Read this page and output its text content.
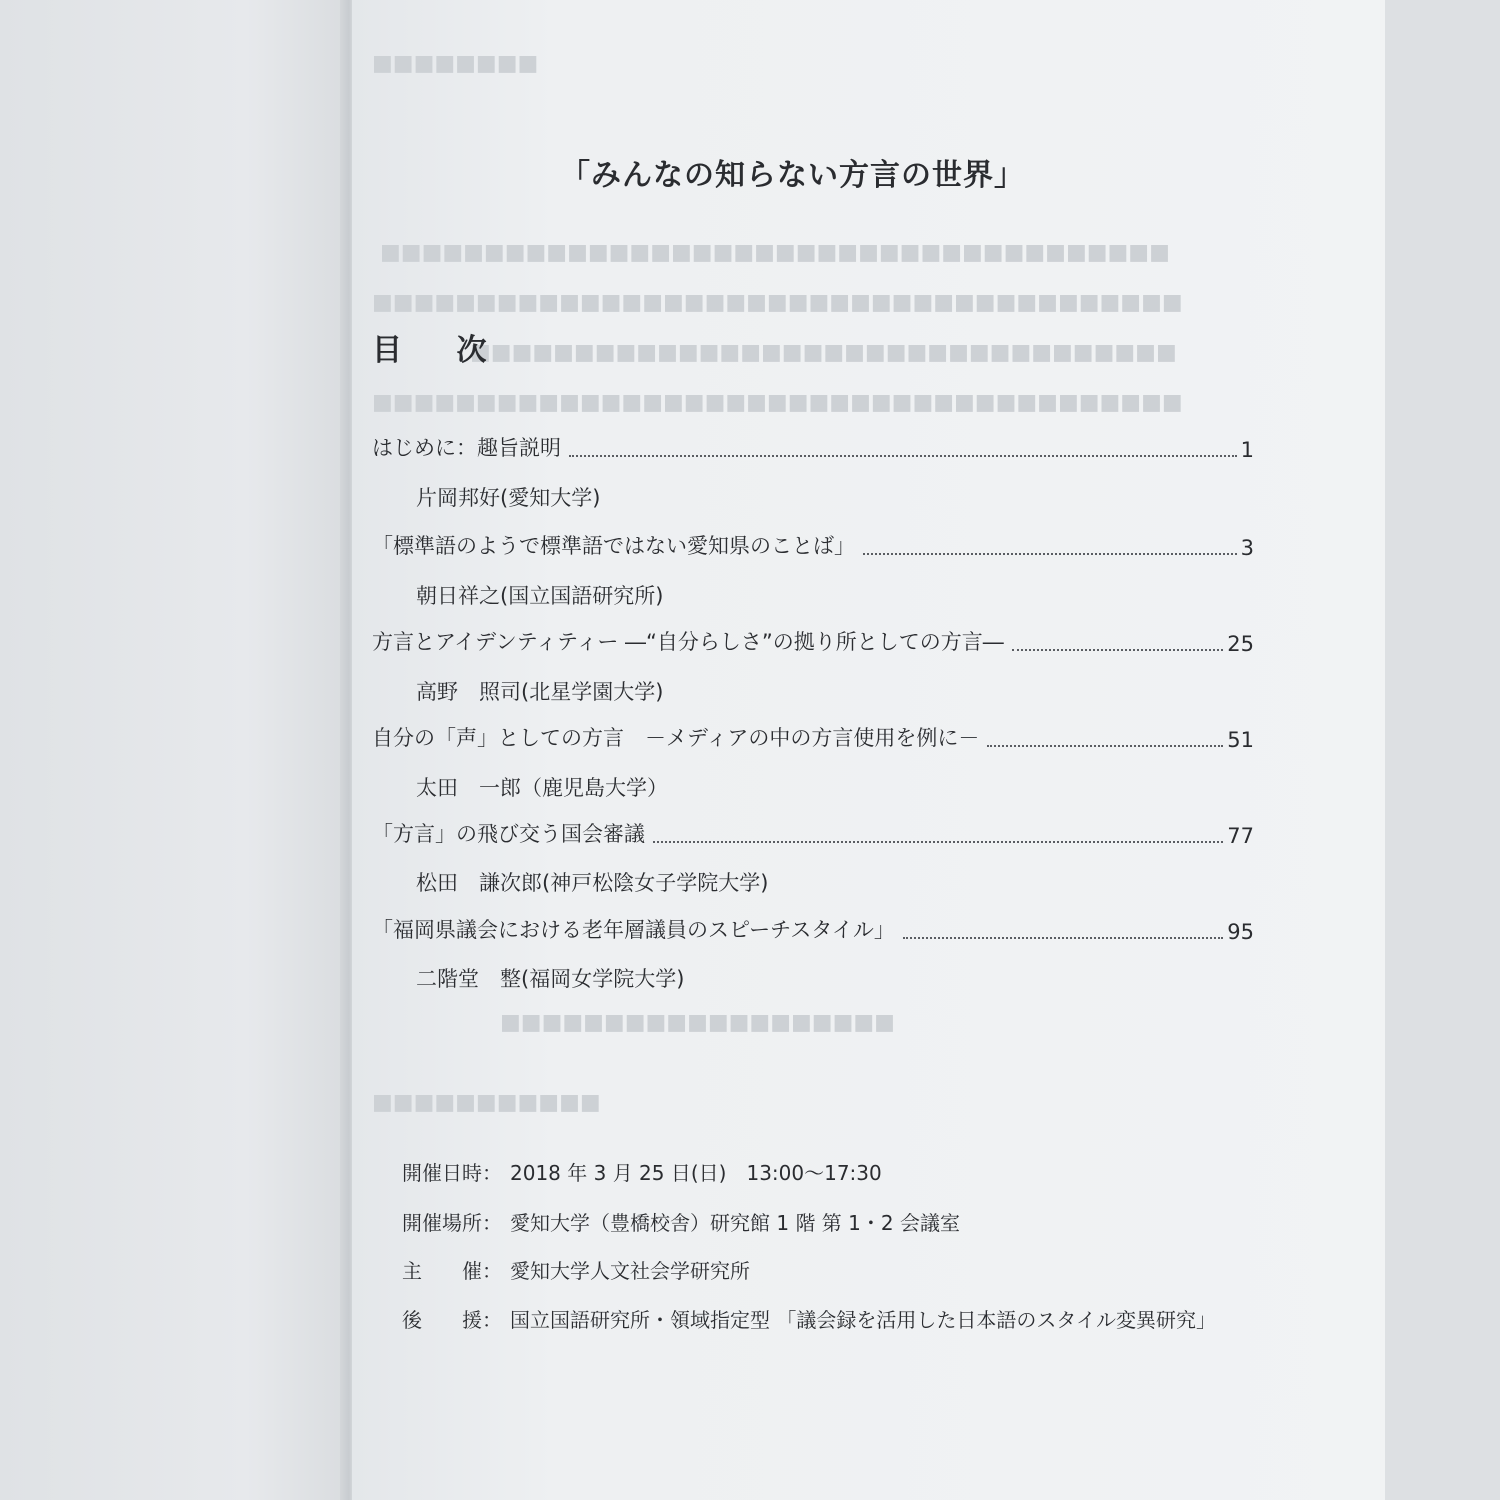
■■■■■■■■
■■■■■■■■■■■■■■■■■■■■■■■■■■■■■■■■■■■■■■
■■■■■■■■■■■■■■■■■■■■■■■■■■■■■■■■■■■■■■■
■■■■■■■■■■■■■■■■■■■■■■■■■■■■■■■■■■
■■■■■■■■■■■■■■■■■■■■■■■■■■■■■■■■■■■■■■■
■■■■■■■■■■■■■■■■■■■
■■■■■■■■■■■
「みんなの知らない方言の世界」
目 次
はじめに：趣旨説明	1
片岡邦好(愛知大学)
「標準語のようで標準語ではない愛知県のことば」	3
朝日祥之(国立国語研究所)
方言とアイデンティティー ―“自分らしさ”の拠り所としての方言―	25
高野　照司(北星学園大学)
自分の「声」としての方言　－メディアの中の方言使用を例に－	51
太田　一郎（鹿児島大学）
「方言」の飛び交う国会審議	77
松田　謙次郎(神戸松陰女子学院大学)
「福岡県議会における老年層議員のスピーチスタイル」	95
二階堂　整(福岡女学院大学)
開催日時： 2018 年 3 月 25 日(日)　13:00～17:30
開催場所： 愛知大学（豊橋校舎）研究館 1 階 第 1・2 会議室
主　　催： 愛知大学人文社会学研究所
後　　援： 国立国語研究所・領域指定型 「議会録を活用した日本語のスタイル変異研究」
